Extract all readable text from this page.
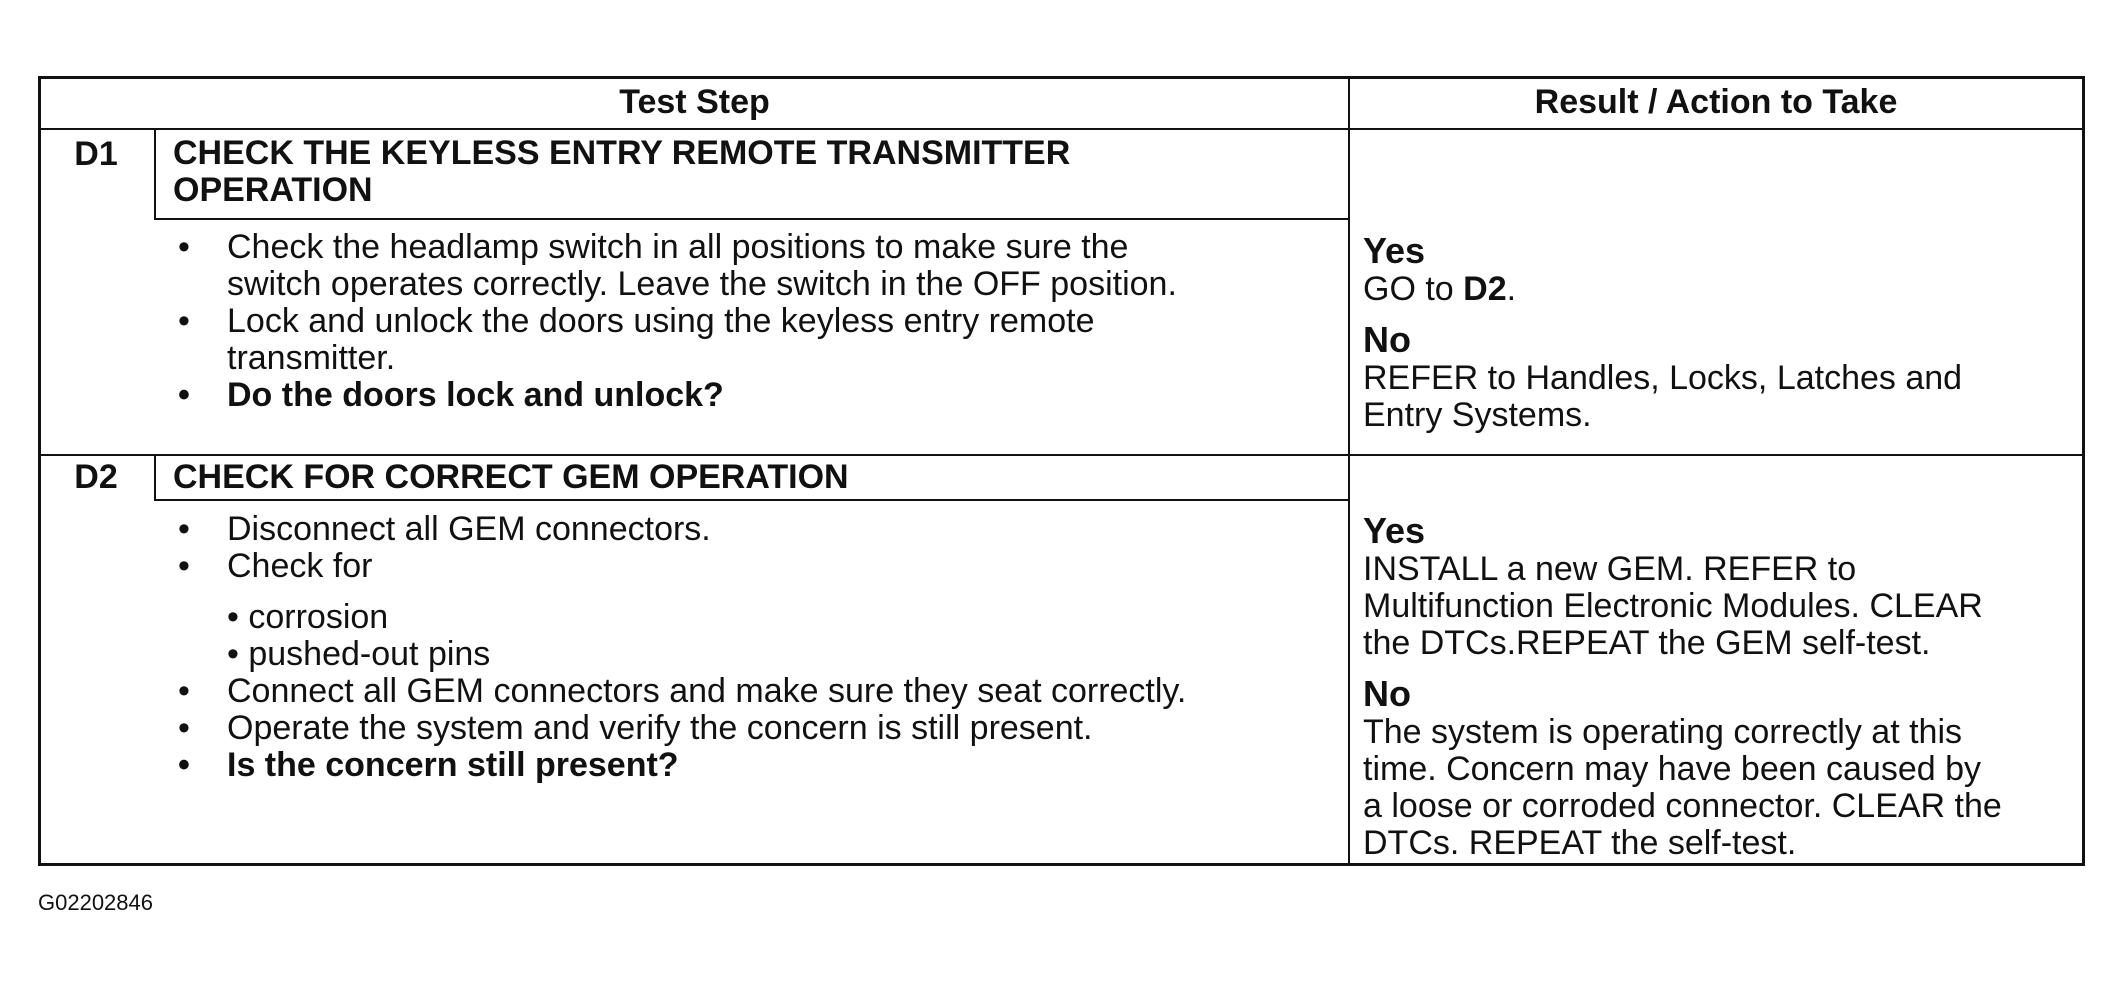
Test Step	Result / Action to Take
D1	CHECK THE KEYLESS ENTRY REMOTE TRANSMITTER
OPERATION
• Check the headlamp switch in all positions to make sure the
switch operates correctly. Leave the switch in the OFF position.
• Lock and unlock the doors using the keyless entry remote
transmitter.
• Do the doors lock and unlock?
Yes
GO to D2.
No
REFER to Handles, Locks, Latches and
Entry Systems.
D2	CHECK FOR CORRECT GEM OPERATION
• Disconnect all GEM connectors.
• Check for
• corrosion
• pushed-out pins
• Connect all GEM connectors and make sure they seat correctly.
• Operate the system and verify the concern is still present.
• Is the concern still present?
Yes
INSTALL a new GEM. REFER to
Multifunction Electronic Modules. CLEAR
the DTCs.REPEAT the GEM self-test.
No
The system is operating correctly at this
time. Concern may have been caused by
a loose or corroded connector. CLEAR the
DTCs. REPEAT the self-test.
G02202846
